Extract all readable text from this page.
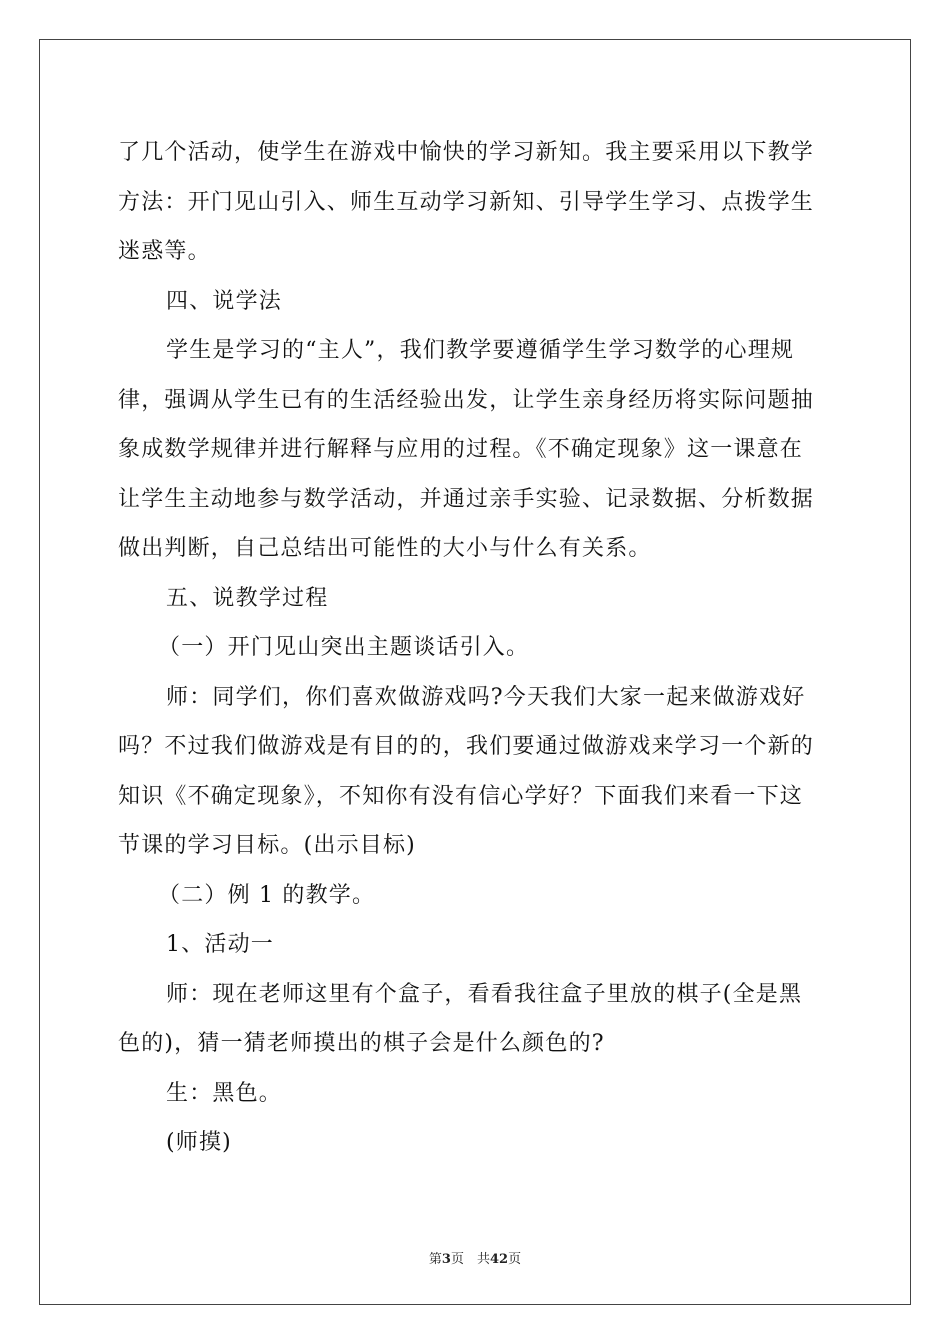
了几个活动，使学生在游戏中愉快的学习新知。我主要采用以下教学
方法：开门见山引入、师生互动学习新知、引导学生学习、点拨学生
迷惑等。
四、说学法
学生是学习的“主人”，我们教学要遵循学生学习数学的心理规
律，强调从学生已有的生活经验出发，让学生亲身经历将实际问题抽
象成数学规律并进行解释与应用的过程。《不确定现象》这一课意在
让学生主动地参与数学活动，并通过亲手实验、记录数据、分析数据
做出判断，自己总结出可能性的大小与什么有关系。
五、说教学过程
（一）开门见山突出主题谈话引入。
师：同学们，你们喜欢做游戏吗?今天我们大家一起来做游戏好
吗？不过我们做游戏是有目的的，我们要通过做游戏来学习一个新的
知识《不确定现象》，不知你有没有信心学好？下面我们来看一下这
节课的学习目标。(出示目标)
（二）例 1 的教学。
1、活动一
师：现在老师这里有个盒子，看看我往盒子里放的棋子(全是黑
色的)，猜一猜老师摸出的棋子会是什么颜色的?
生：黑色。
(师摸)
第3页　共42页
